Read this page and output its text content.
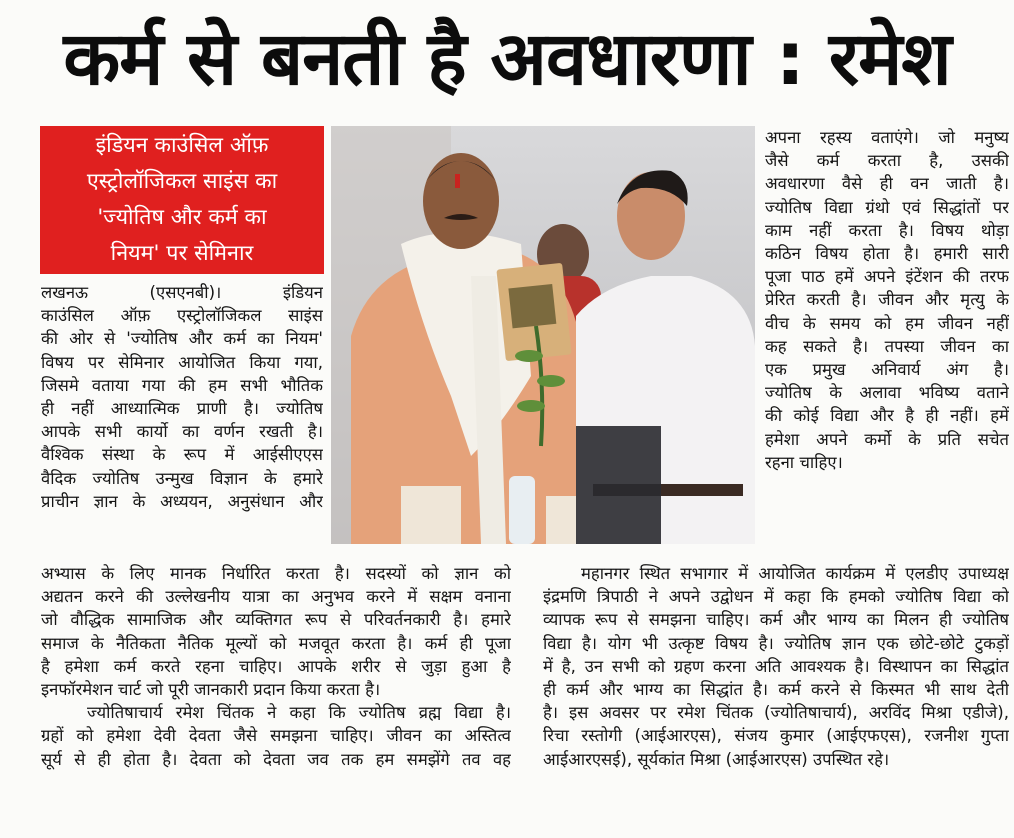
कर्म से बनती है अवधारणा : रमेश
इंडियन काउंसिल ऑफ़
एस्ट्रोलॉजिकल साइंस का
'ज्योतिष और कर्म का
नियम' पर सेमिनार
लखनऊ (एसएनबी)। इंडियन
काउंसिल ऑफ़ एस्ट्रोलॉजिकल साइंस
की ओर से 'ज्योतिष और कर्म का नियम'
विषय पर सेमिनार आयोजित किया गया,
जिसमे वताया गया की हम सभी भौतिक
ही नहीं आध्यात्मिक प्राणी है। ज्योतिष
आपके सभी कार्यो का वर्णन रखती है।
वैश्विक संस्था के रूप में आईसीएएस
वैदिक ज्योतिष उन्मुख विज्ञान के हमारे
प्राचीन ज्ञान के अध्ययन, अनुसंधान और
अपना रहस्य वताएंगे। जो मनुष्य
जैसे कर्म करता है, उसकी
अवधारणा वैसे ही वन जाती है।
ज्योतिष विद्या ग्रंथो एवं सिद्धांतों पर
काम नहीं करता है। विषय थोड़ा
कठिन विषय होता है। हमारी सारी
पूजा पाठ हमें अपने इंटेंशन की तरफ
प्रेरित करती है। जीवन और मृत्यु के
वीच के समय को हम जीवन नहीं
कह सकते है। तपस्या जीवन का
एक प्रमुख अनिवार्य अंग है।
ज्योतिष के अलावा भविष्य वताने
की कोई विद्या और है ही नहीं। हमें
हमेशा अपने कर्मो के प्रति सचेत
रहना चाहिए।
अभ्यास के लिए मानक निर्धारित करता है। सदस्यों को ज्ञान को
अद्यतन करने की उल्लेखनीय यात्रा का अनुभव करने में सक्षम वनाना
जो वौद्धिक सामाजिक और व्यक्तिगत रूप से परिवर्तनकारी है। हमारे
समाज के नैतिकता नैतिक मूल्यों को मजवूत करता है। कर्म ही पूजा
है हमेशा कर्म करते रहना चाहिए। आपके शरीर से जुड़ा हुआ है
इनफॉरमेशन चार्ट जो पूरी जानकारी प्रदान किया करता है।
ज्योतिषाचार्य रमेश चिंतक ने कहा कि ज्योतिष व्रह्म विद्या है।
ग्रहों को हमेशा देवी देवता जैसे समझना चाहिए। जीवन का अस्तित्व
सूर्य से ही होता है। देवता को देवता जव तक हम समझेंगे तव वह
महानगर स्थित सभागार में आयोजित कार्यक्रम में एलडीए उपाध्यक्ष
इंद्रमणि त्रिपाठी ने अपने उद्वोधन में कहा कि हमको ज्योतिष विद्या को
व्यापक रूप से समझना चाहिए। कर्म और भाग्य का मिलन ही ज्योतिष
विद्या है। योग भी उत्कृष्ट विषय है। ज्योतिष ज्ञान एक छोटे-छोटे टुकड़ों
में है, उन सभी को ग्रहण करना अति आवश्यक है। विस्थापन का सिद्धांत
ही कर्म और भाग्य का सिद्धांत है। कर्म करने से किस्मत भी साथ देती
है। इस अवसर पर रमेश चिंतक (ज्योतिषाचार्य), अरविंद मिश्रा एडीजे),
रिचा रस्तोगी (आईआरएस), संजय कुमार (आईएफएस), रजनीश गुप्ता
आईआरएसई), सूर्यकांत मिश्रा (आईआरएस) उपस्थित रहे।
